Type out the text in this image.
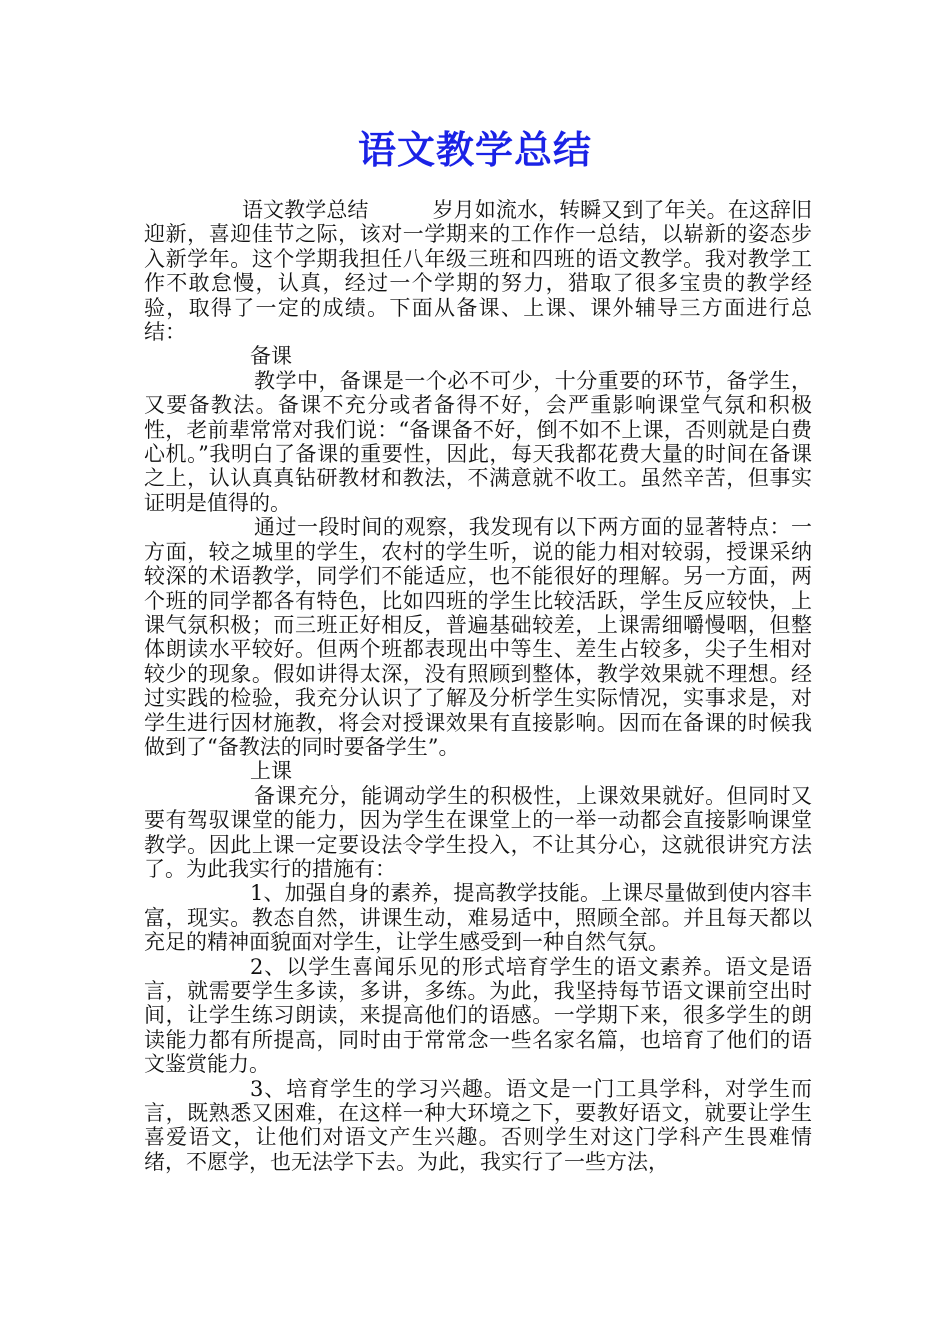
语文教学总结

语文教学总结	岁月如流水，转瞬又到了年关。在这辞旧迎新，喜迎佳节之际，该对一学期来的工作作一总结，以崭新的姿态步入新学年。这个学期我担任八年级三班和四班的语文教学。我对教学工作不敢怠慢，认真，经过一个学期的努力，猎取了很多宝贵的教学经验，取得了一定的成绩。下面从备课、上课、课外辅导三方面进行总结：

备课

教学中，备课是一个必不可少，十分重要的环节，备学生，又要备教法。备课不充分或者备得不好，会严重影响课堂气氛和积极性，老前辈常常对我们说：“备课备不好，倒不如不上课，否则就是白费心机。”我明白了备课的重要性，因此，每天我都花费大量的时间在备课之上，认认真真钻研教材和教法，不满意就不收工。虽然辛苦，但事实证明是值得的。

通过一段时间的观察，我发现有以下两方面的显著特点：一方面，较之城里的学生，农村的学生听，说的能力相对较弱，授课采纳较深的术语教学，同学们不能适应，也不能很好的理解。另一方面，两个班的同学都各有特色，比如四班的学生比较活跃，学生反应较快，上课气氛积极；而三班正好相反，普遍基础较差，上课需细嚼慢咽，但整体朗读水平较好。但两个班都表现出中等生、差生占较多，尖子生相对较少的现象。假如讲得太深，没有照顾到整体，教学效果就不理想。经过实践的检验，我充分认识了了解及分析学生实际情况，实事求是，对学生进行因材施教，将会对授课效果有直接影响。因而在备课的时候我做到了“备教法的同时要备学生”。

上课

备课充分，能调动学生的积极性，上课效果就好。但同时又要有驾驭课堂的能力，因为学生在课堂上的一举一动都会直接影响课堂教学。因此上课一定要设法令学生投入，不让其分心，这就很讲究方法了。为此我实行的措施有：

1、加强自身的素养，提高教学技能。上课尽量做到使内容丰富，现实。教态自然，讲课生动，难易适中，照顾全部。并且每天都以充足的精神面貌面对学生，让学生感受到一种自然气氛。

2、以学生喜闻乐见的形式培育学生的语文素养。语文是语言，就需要学生多读，多讲，多练。为此，我坚持每节语文课前空出时间，让学生练习朗读，来提高他们的语感。一学期下来，很多学生的朗读能力都有所提高，同时由于常常念一些名家名篇，也培育了他们的语文鉴赏能力。

3、培育学生的学习兴趣。语文是一门工具学科，对学生而言，既熟悉又困难，在这样一种大环境之下，要教好语文，就要让学生喜爱语文，让他们对语文产生兴趣。否则学生对这门学科产生畏难情绪，不愿学，也无法学下去。为此，我实行了一些方法，
